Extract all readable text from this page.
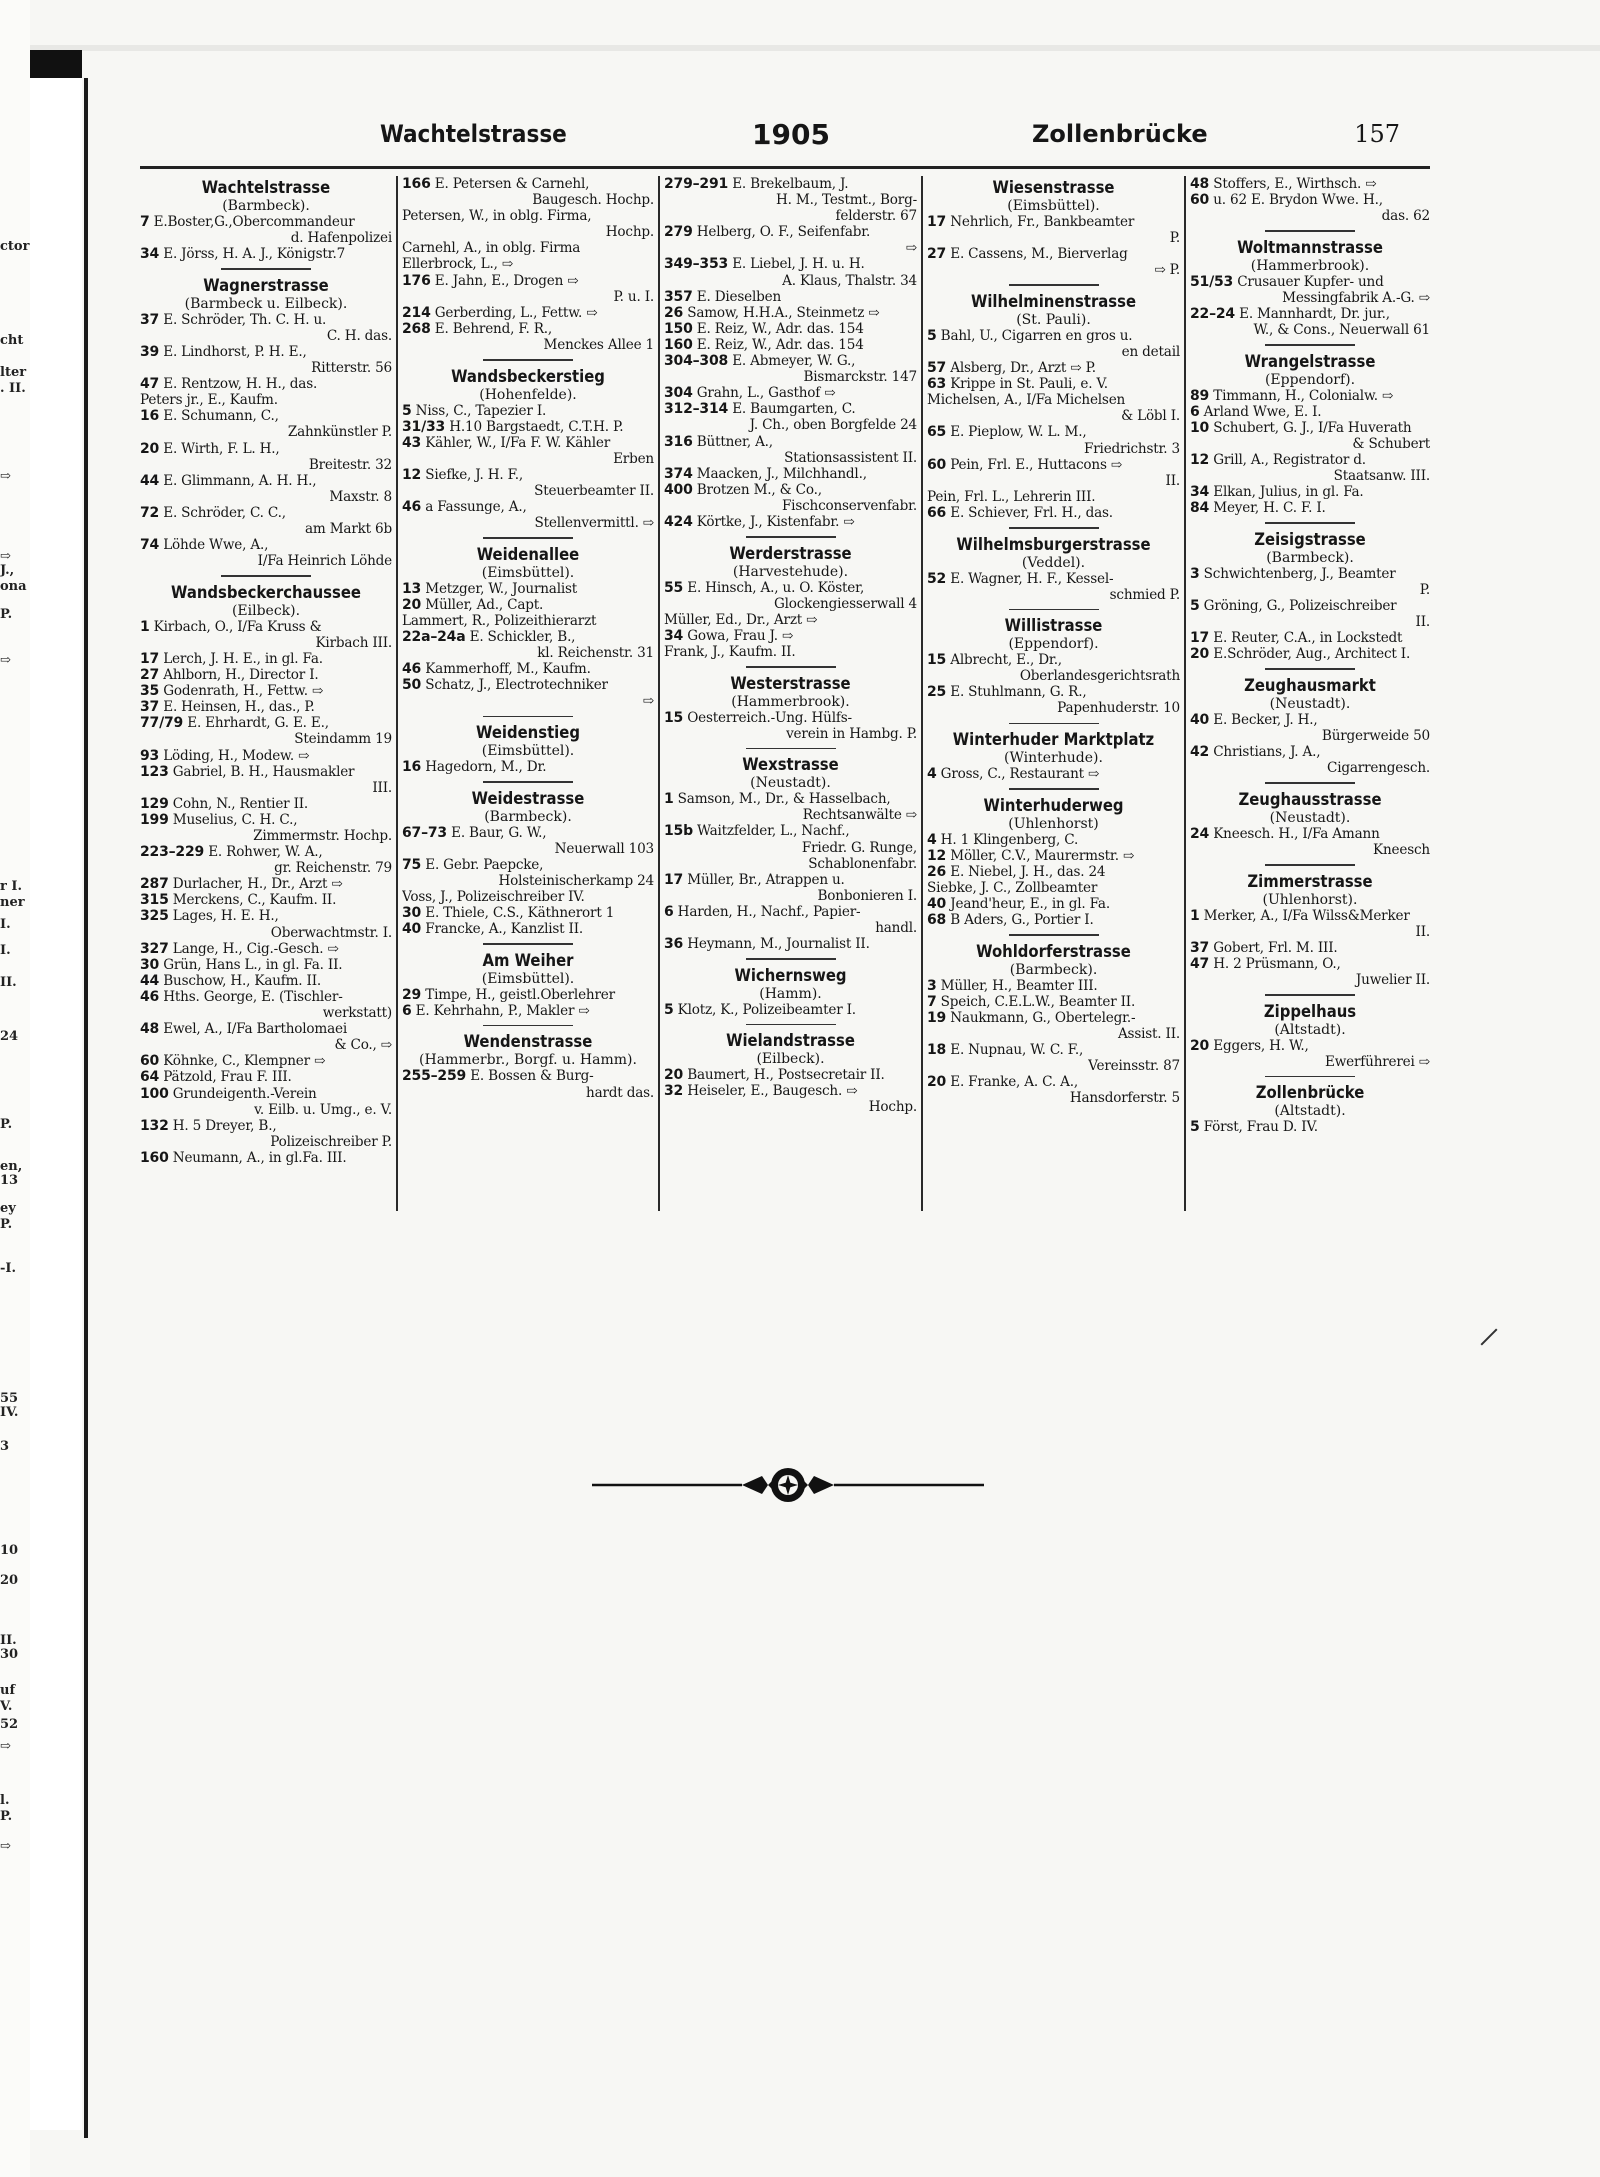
ctor
cht
lter
. II.
⇨
⇨
J.,
ona
P.
⇨
r I.
ner
I.
I.
II.
24
P.
en,
13
ey
P.
-I.
55
IV.
3
10
20
II.
30
uf
V.
52
⇨
l.
P.
⇨
Wachtelstrasse	1905	Zollenbrücke	157
Wachtelstrasse
(Barmbeck).
7 E.Boster,G.,Obercommandeur
d. Hafenpolizei
34 E. Jörss, H. A. J., Königstr.7
Wagnerstrasse
(Barmbeck u. Eilbeck).
37 E. Schröder, Th. C. H. u.
C. H. das.
39 E. Lindhorst, P. H. E.,
Ritterstr. 56
47 E. Rentzow, H. H., das.
Peters jr., E., Kaufm.
16 E. Schumann, C.,
Zahnkünstler P.
20 E. Wirth, F. L. H.,
Breitestr. 32
44 E. Glimmann, A. H. H.,
Maxstr. 8
72 E. Schröder, C. C.,
am Markt 6b
74 Löhde Wwe, A.,
I/Fa Heinrich Löhde
Wandsbeckerchaussee
(Eilbeck).
1 Kirbach, O., I/Fa Kruss &
Kirbach III.
17 Lerch, J. H. E., in gl. Fa.
27 Ahlborn, H., Director I.
35 Godenrath, H., Fettw. ⇨
37 E. Heinsen, H., das., P.
77/79 E. Ehrhardt, G. E. E.,
Steindamm 19
93 Löding, H., Modew. ⇨
123 Gabriel, B. H., Hausmakler
III.
129 Cohn, N., Rentier II.
199 Muselius, C. H. C.,
Zimmermstr. Hochp.
223–229 E. Rohwer, W. A.,
gr. Reichenstr. 79
287 Durlacher, H., Dr., Arzt ⇨
315 Merckens, C., Kaufm. II.
325 Lages, H. E. H.,
Oberwachtmstr. I.
327 Lange, H., Cig.-Gesch. ⇨
30 Grün, Hans L., in gl. Fa. II.
44 Buschow, H., Kaufm. II.
46 Hths. George, E. (Tischler-
werkstatt)
48 Ewel, A., I/Fa Bartholomaei
& Co., ⇨
60 Köhnke, C., Klempner ⇨
64 Pätzold, Frau F. III.
100 Grundeigenth.-Verein
v. Eilb. u. Umg., e. V.
132 H. 5 Dreyer, B.,
Polizeischreiber P.
160 Neumann, A., in gl.Fa. III.
166 E. Petersen & Carnehl,
Baugesch. Hochp.
Petersen, W., in oblg. Firma,
Hochp.
Carnehl, A., in oblg. Firma
Ellerbrock, L., ⇨
176 E. Jahn, E., Drogen ⇨
P. u. I.
214 Gerberding, L., Fettw. ⇨
268 E. Behrend, F. R.,
Menckes Allee 1
Wandsbeckerstieg
(Hohenfelde).
5 Niss, C., Tapezier I.
31/33 H.10 Bargstaedt, C.T.H. P.
43 Kähler, W., I/Fa F. W. Kähler
Erben
12 Siefke, J. H. F.,
Steuerbeamter II.
46 a Fassunge, A.,
Stellenvermittl. ⇨
Weidenallee
(Eimsbüttel).
13 Metzger, W., Journalist
20 Müller, Ad., Capt.
Lammert, R., Polizeithierarzt
22a–24a E. Schickler, B.,
kl. Reichenstr. 31
46 Kammerhoff, M., Kaufm.
50 Schatz, J., Electrotechniker
⇨
Weidenstieg
(Eimsbüttel).
16 Hagedorn, M., Dr.
Weidestrasse
(Barmbeck).
67–73 E. Baur, G. W.,
Neuerwall 103
75 E. Gebr. Paepcke,
Holsteinischerkamp 24
Voss, J., Polizeischreiber IV.
30 E. Thiele, C.S., Käthnerort 1
40 Francke, A., Kanzlist II.
Am Weiher
(Eimsbüttel).
29 Timpe, H., geistl.Oberlehrer
6 E. Kehrhahn, P., Makler ⇨
Wendenstrasse
(Hammerbr., Borgf. u. Hamm).
255–259 E. Bossen & Burg-
hardt das.
279–291 E. Brekelbaum, J.
H. M., Testmt., Borg-
felderstr. 67
279 Helberg, O. F., Seifenfabr.
⇨
349–353 E. Liebel, J. H. u. H.
A. Klaus, Thalstr. 34
357 E. Dieselben
26 Samow, H.H.A., Steinmetz ⇨
150 E. Reiz, W., Adr. das. 154
160 E. Reiz, W., Adr. das. 154
304–308 E. Abmeyer, W. G.,
Bismarckstr. 147
304 Grahn, L., Gasthof ⇨
312–314 E. Baumgarten, C.
J. Ch., oben Borgfelde 24
316 Büttner, A.,
Stationsassistent II.
374 Maacken, J., Milchhandl.,
400 Brotzen M., & Co.,
Fischconservenfabr.
424 Körtke, J., Kistenfabr. ⇨
Werderstrasse
(Harvestehude).
55 E. Hinsch, A., u. O. Köster,
Glockengiesserwall 4
Müller, Ed., Dr., Arzt ⇨
34 Gowa, Frau J. ⇨
Frank, J., Kaufm. II.
Westerstrasse
(Hammerbrook).
15 Oesterreich.-Ung. Hülfs-
verein in Hambg. P.
Wexstrasse
(Neustadt).
1 Samson, M., Dr., & Hasselbach,
Rechtsanwälte ⇨
15b Waitzfelder, L., Nachf.,
Friedr. G. Runge,
Schablonenfabr.
17 Müller, Br., Atrappen u.
Bonbonieren I.
6 Harden, H., Nachf., Papier-
handl.
36 Heymann, M., Journalist II.
Wichernsweg
(Hamm).
5 Klotz, K., Polizeibeamter I.
Wielandstrasse
(Eilbeck).
20 Baumert, H., Postsecretair II.
32 Heiseler, E., Baugesch. ⇨
Hochp.
Wiesenstrasse
(Eimsbüttel).
17 Nehrlich, Fr., Bankbeamter
P.
27 E. Cassens, M., Bierverlag
⇨ P.
Wilhelminenstrasse
(St. Pauli).
5 Bahl, U., Cigarren en gros u.
en detail
57 Alsberg, Dr., Arzt ⇨ P.
63 Krippe in St. Pauli, e. V.
Michelsen, A., I/Fa Michelsen
& Löbl I.
65 E. Pieplow, W. L. M.,
Friedrichstr. 3
60 Pein, Frl. E., Huttacons ⇨
II.
Pein, Frl. L., Lehrerin III.
66 E. Schiever, Frl. H., das.
Wilhelmsburgerstrasse
(Veddel).
52 E. Wagner, H. F., Kessel-
schmied P.
Willistrasse
(Eppendorf).
15 Albrecht, E., Dr.,
Oberlandesgerichtsrath
25 E. Stuhlmann, G. R.,
Papenhuderstr. 10
Winterhuder Marktplatz
(Winterhude).
4 Gross, C., Restaurant ⇨
Winterhuderweg
(Uhlenhorst)
4 H. 1 Klingenberg, C.
12 Möller, C.V., Maurermstr. ⇨
26 E. Niebel, J. H., das. 24
Siebke, J. C., Zollbeamter
40 Jeand'heur, E., in gl. Fa.
68 B Aders, G., Portier I.
Wohldorferstrasse
(Barmbeck).
3 Müller, H., Beamter III.
7 Speich, C.E.L.W., Beamter II.
19 Naukmann, G., Obertelegr.-
Assist. II.
18 E. Nupnau, W. C. F.,
Vereinsstr. 87
20 E. Franke, A. C. A.,
Hansdorferstr. 5
48 Stoffers, E., Wirthsch. ⇨
60 u. 62 E. Brydon Wwe. H.,
das. 62
Woltmannstrasse
(Hammerbrook).
51/53 Crusauer Kupfer- und
Messingfabrik A.-G. ⇨
22–24 E. Mannhardt, Dr. jur.,
W., & Cons., Neuerwall 61
Wrangelstrasse
(Eppendorf).
89 Timmann, H., Colonialw. ⇨
6 Arland Wwe, E. I.
10 Schubert, G. J., I/Fa Huverath
& Schubert
12 Grill, A., Registrator d.
Staatsanw. III.
34 Elkan, Julius, in gl. Fa.
84 Meyer, H. C. F. I.
Zeisigstrasse
(Barmbeck).
3 Schwichtenberg, J., Beamter
P.
5 Gröning, G., Polizeischreiber
II.
17 E. Reuter, C.A., in Lockstedt
20 E.Schröder, Aug., Architect I.
Zeughausmarkt
(Neustadt).
40 E. Becker, J. H.,
Bürgerweide 50
42 Christians, J. A.,
Cigarrengesch.
Zeughausstrasse
(Neustadt).
24 Kneesch. H., I/Fa Amann
Kneesch
Zimmerstrasse
(Uhlenhorst).
1 Merker, A., I/Fa Wilss&Merker
II.
37 Gobert, Frl. M. III.
47 H. 2 Prüsmann, O.,
Juwelier II.
Zippelhaus
(Altstadt).
20 Eggers, H. W.,
Ewerführerei ⇨
Zollenbrücke
(Altstadt).
5 Först, Frau D. IV.
